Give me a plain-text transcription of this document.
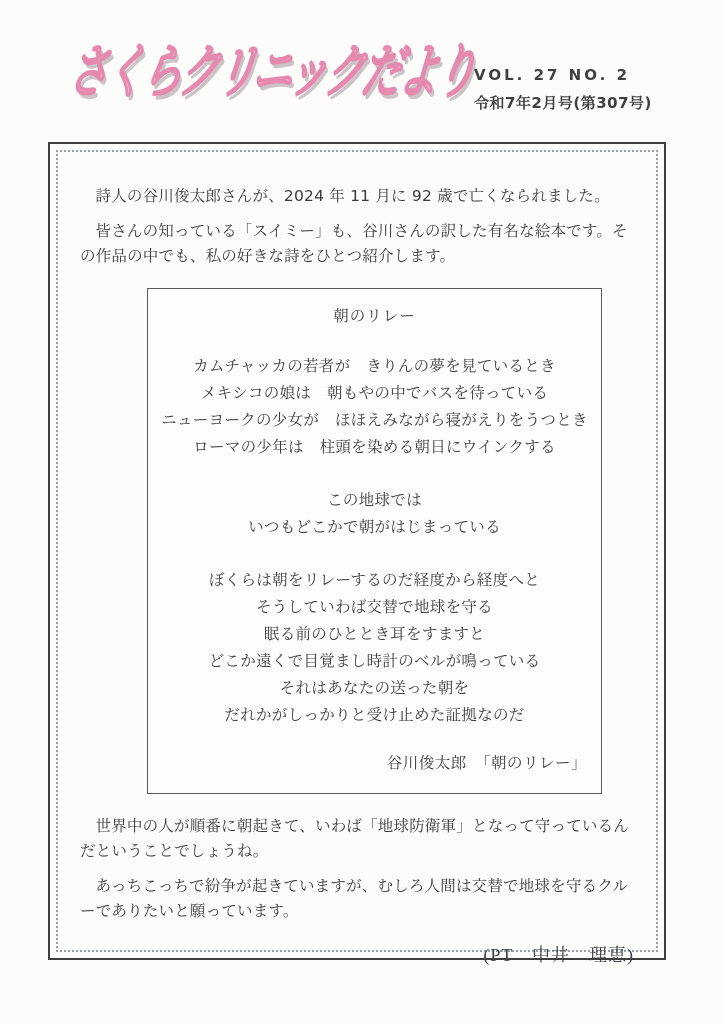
さくらクリニックだより
VOL. 27 NO. 2
令和7年2月号(第307号)

詩人の谷川俊太郎さんが、2024 年 11 月に 92 歳で亡くなられました。

皆さんの知っている「スイミー」も、谷川さんの訳した有名な絵本です。その作品の中でも、私の好きな詩をひとつ紹介します。

朝のリレー
カムチャッカの若者が　きりんの夢を見ているとき
メキシコの娘は　朝もやの中でバスを待っている
ニューヨークの少女が　ほほえみながら寝がえりをうつとき
ローマの少年は　柱頭を染める朝日にウインクする
この地球では
いつもどこかで朝がはじまっている
ぼくらは朝をリレーするのだ経度から経度へと
そうしていわば交替で地球を守る
眠る前のひととき耳をすますと
どこか遠くで目覚まし時計のベルが鳴っている
それはあなたの送った朝を
だれかがしっかりと受け止めた証拠なのだ
谷川俊太郎　「朝のリレー」

世界中の人が順番に朝起きて、いわば「地球防衛軍」となって守っているんだということでしょうね。

あっちこっちで紛争が起きていますが、むしろ人間は交替で地球を守るクルーでありたいと願っています。

(PT　中井　理恵)
